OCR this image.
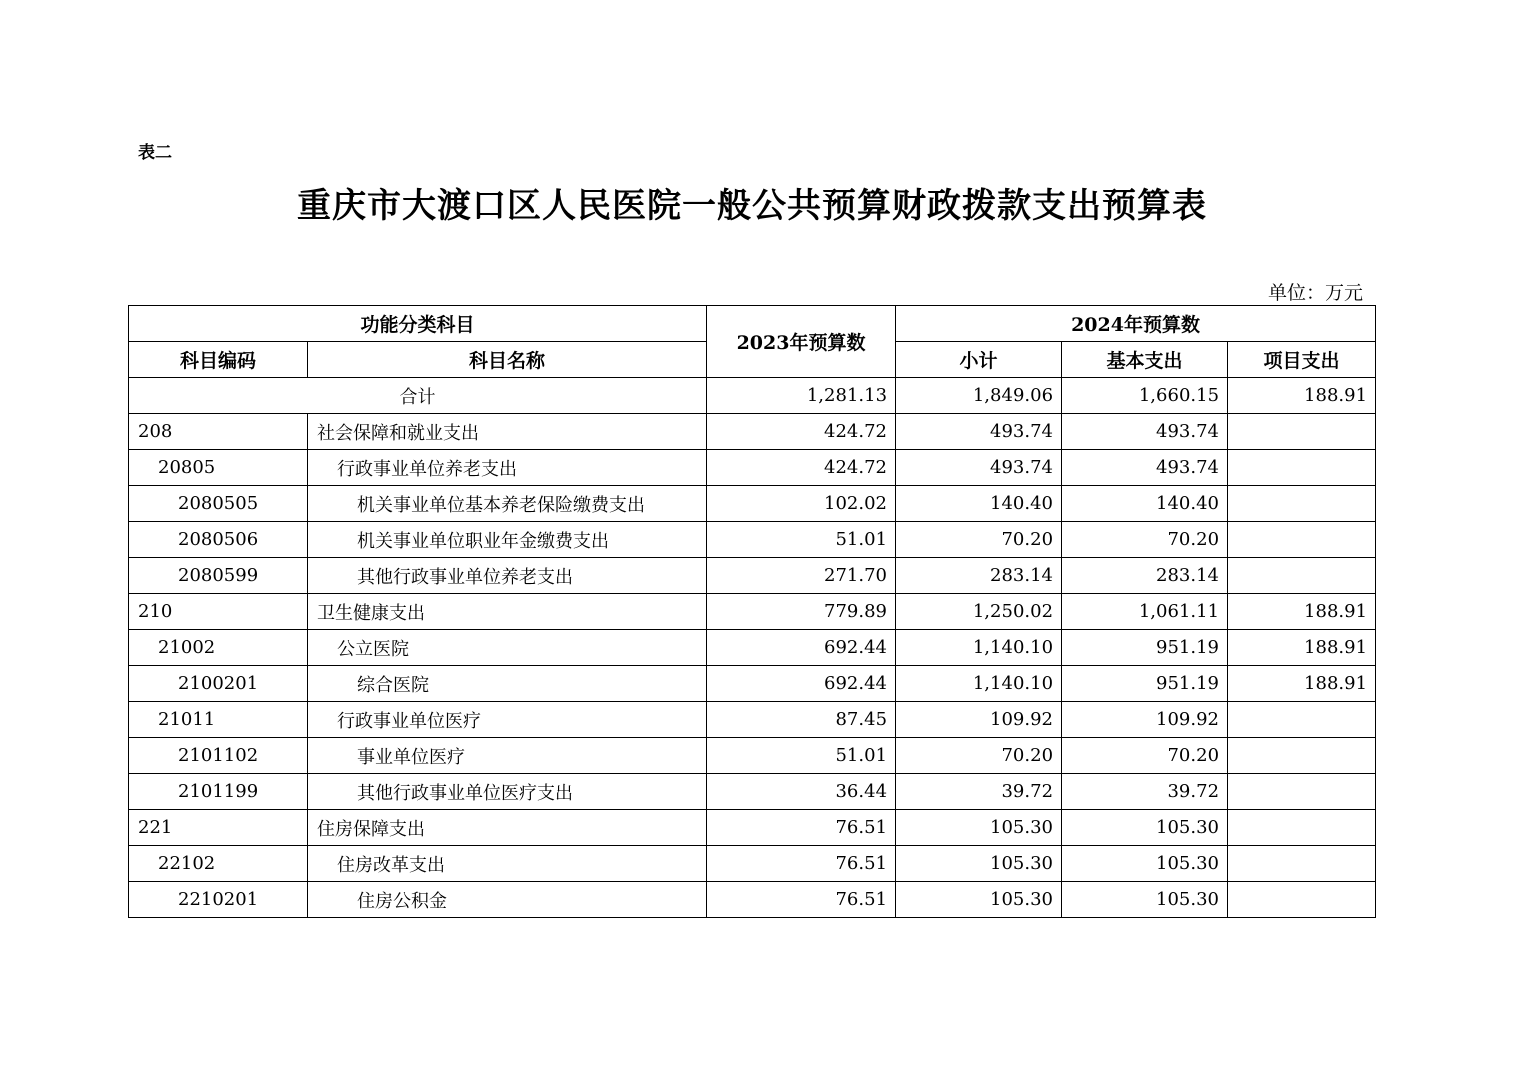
表二
重庆市大渡口区人民医院一般公共预算财政拨款支出预算表
单位：万元
功能分类科目		2023年预算数	2024年预算数		
科目编码	科目名称		小计	基本支出	项目支出
合计		1,281.13	1,849.06	1,660.15	188.91
208	社会保障和就业支出	424.72	493.74	493.74	
20805	行政事业单位养老支出	424.72	493.74	493.74	
2080505	机关事业单位基本养老保险缴费支出	102.02	140.40	140.40	
2080506	机关事业单位职业年金缴费支出	51.01	70.20	70.20	
2080599	其他行政事业单位养老支出	271.70	283.14	283.14	
210	卫生健康支出	779.89	1,250.02	1,061.11	188.91
21002	公立医院	692.44	1,140.10	951.19	188.91
2100201	综合医院	692.44	1,140.10	951.19	188.91
21011	行政事业单位医疗	87.45	109.92	109.92	
2101102	事业单位医疗	51.01	70.20	70.20	
2101199	其他行政事业单位医疗支出	36.44	39.72	39.72	
221	住房保障支出	76.51	105.30	105.30	
22102	住房改革支出	76.51	105.30	105.30	
2210201	住房公积金	76.51	105.30	105.30	
